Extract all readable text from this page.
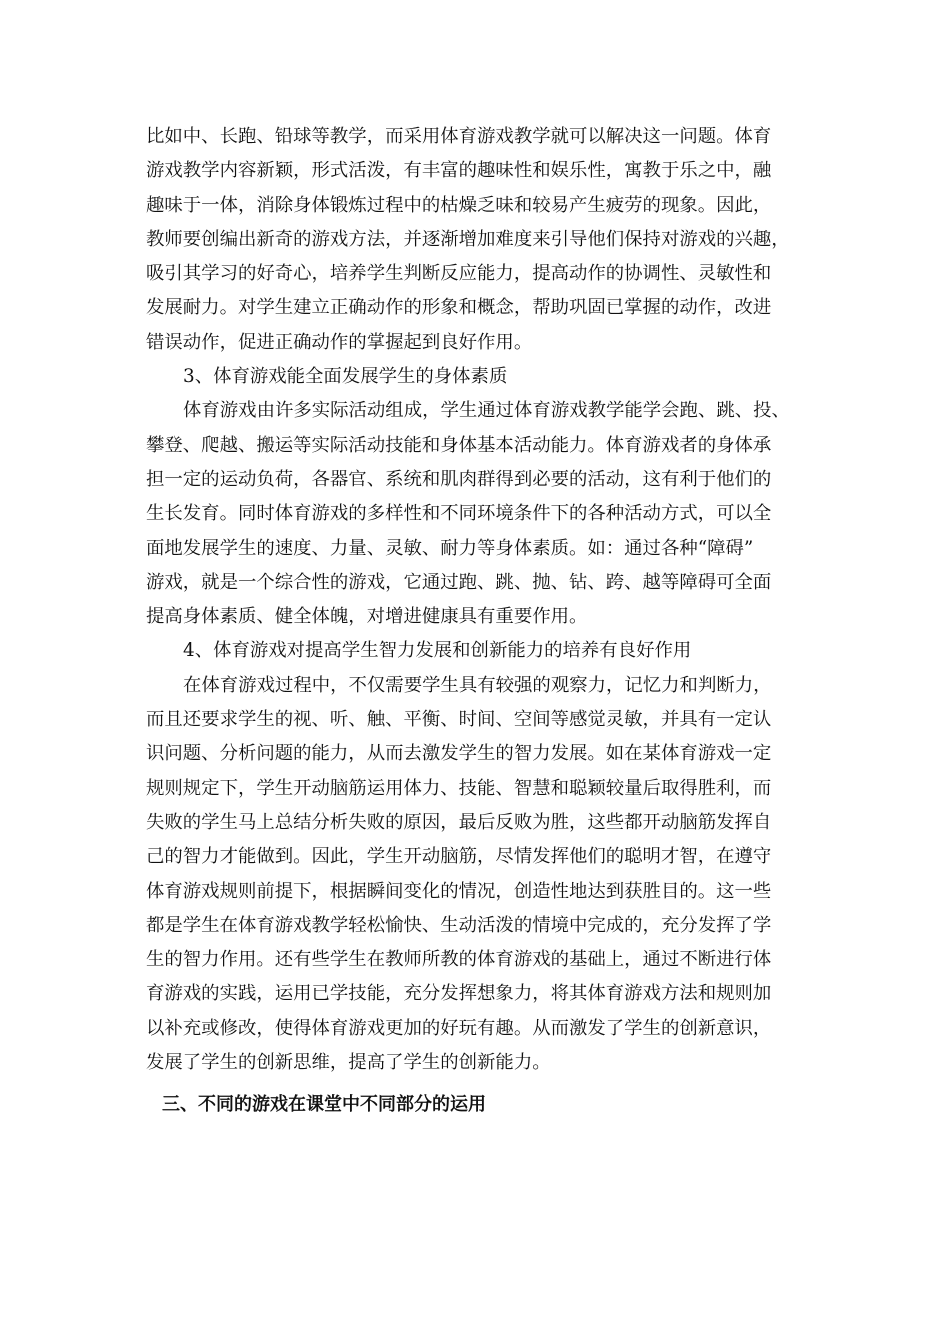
比如中、长跑、铅球等教学，而采用体育游戏教学就可以解决这一问题。体育
游戏教学内容新颖，形式活泼，有丰富的趣味性和娱乐性，寓教于乐之中，融
趣味于一体，消除身体锻炼过程中的枯燥乏味和较易产生疲劳的现象。因此，
教师要创编出新奇的游戏方法，并逐渐增加难度来引导他们保持对游戏的兴趣，
吸引其学习的好奇心，培养学生判断反应能力，提高动作的协调性、灵敏性和
发展耐力。对学生建立正确动作的形象和概念，帮助巩固已掌握的动作，改进
错误动作，促进正确动作的掌握起到良好作用。
3、体育游戏能全面发展学生的身体素质
体育游戏由许多实际活动组成，学生通过体育游戏教学能学会跑、跳、投、
攀登、爬越、搬运等实际活动技能和身体基本活动能力。体育游戏者的身体承
担一定的运动负荷，各器官、系统和肌肉群得到必要的活动，这有利于他们的
生长发育。同时体育游戏的多样性和不同环境条件下的各种活动方式，可以全
面地发展学生的速度、力量、灵敏、耐力等身体素质。如：通过各种“障碍”
游戏，就是一个综合性的游戏，它通过跑、跳、抛、钻、跨、越等障碍可全面
提高身体素质、健全体魄，对增进健康具有重要作用。
4、体育游戏对提高学生智力发展和创新能力的培养有良好作用
在体育游戏过程中，不仅需要学生具有较强的观察力，记忆力和判断力，
而且还要求学生的视、听、触、平衡、时间、空间等感觉灵敏，并具有一定认
识问题、分析问题的能力，从而去激发学生的智力发展。如在某体育游戏一定
规则规定下，学生开动脑筋运用体力、技能、智慧和聪颖较量后取得胜利，而
失败的学生马上总结分析失败的原因，最后反败为胜，这些都开动脑筋发挥自
己的智力才能做到。因此，学生开动脑筋，尽情发挥他们的聪明才智，在遵守
体育游戏规则前提下，根据瞬间变化的情况，创造性地达到获胜目的。这一些
都是学生在体育游戏教学轻松愉快、生动活泼的情境中完成的，充分发挥了学
生的智力作用。还有些学生在教师所教的体育游戏的基础上，通过不断进行体
育游戏的实践，运用已学技能，充分发挥想象力，将其体育游戏方法和规则加
以补充或修改，使得体育游戏更加的好玩有趣。从而激发了学生的创新意识，
发展了学生的创新思维，提高了学生的创新能力。
三、不同的游戏在课堂中不同部分的运用
